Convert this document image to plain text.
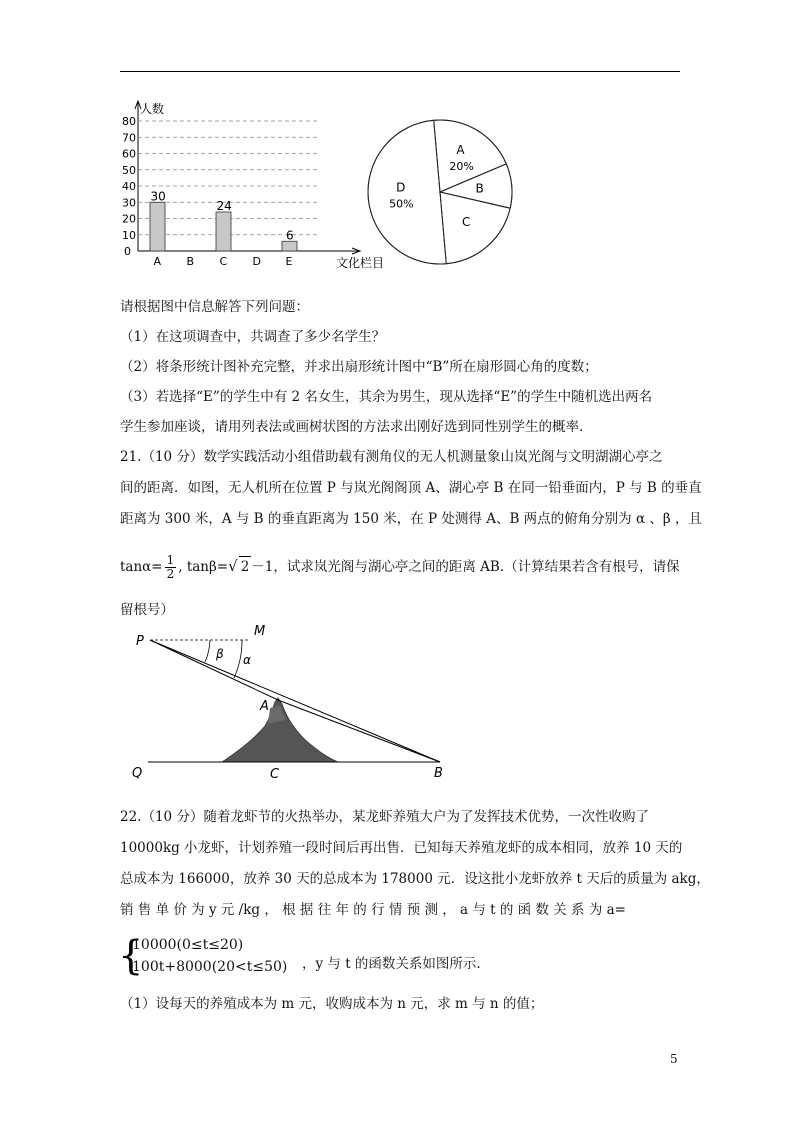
0
10
20
30
40
50
60
70
80
人数
文化栏目
A
30
B C
24
D E
6
A
20%
B
C
D
50%
请根据图中信息解答下列问题：
（1）在这项调查中，共调查了多少名学生？
（2）将条形统计图补充完整，并求出扇形统计图中“B”所在扇形圆心角的度数；
（3）若选择“E”的学生中有 2 名女生，其余为男生，现从选择“E”的学生中随机选出两名
学生参加座谈，请用列表法或画树状图的方法求出刚好选到同性别学生的概率.
21.（10 分）数学实践活动小组借助载有测角仪的无人机测量象山岚光阁与文明湖湖心亭之
间的距离．如图，无人机所在位置 P 与岚光阁阁顶 A、湖心亭 B 在同一铅垂面内，P 与 B 的垂直
距离为 300 米，A 与 B 的垂直距离为 150 米，在 P 处测得 A、B 两点的俯角分别为 α 、β ，且
$\tan\alpha= \frac{1}{2}$ , tanβ=√ 2 －1，试求岚光阁与湖心亭之间的距离 AB.（计算结果若含有根号，请保
留根号）
P
M
β α
A
Q	C	B
22.（10 分）随着龙虾节的火热举办，某龙虾养殖大户为了发挥技术优势，一次性收购了
10000kg 小龙虾，计划养殖一段时间后再出售．已知每天养殖龙虾的成本相同，放养 10 天的
总成本为 166000，放养 30 天的总成本为 178000 元．设这批小龙虾放养 t 天后的质量为 akg，
销 售 单 价 为 y 元 /kg ， 根 据 往 年 的 行 情 预 测 ， a 与 t 的 函 数 关 系 为 a=
{
10000(0≤t≤20)
100t+8000(20<t≤50) ，y 与 t 的函数关系如图所示.
（1）设每天的养殖成本为 m 元，收购成本为 n 元，求 m 与 n 的值；
5
